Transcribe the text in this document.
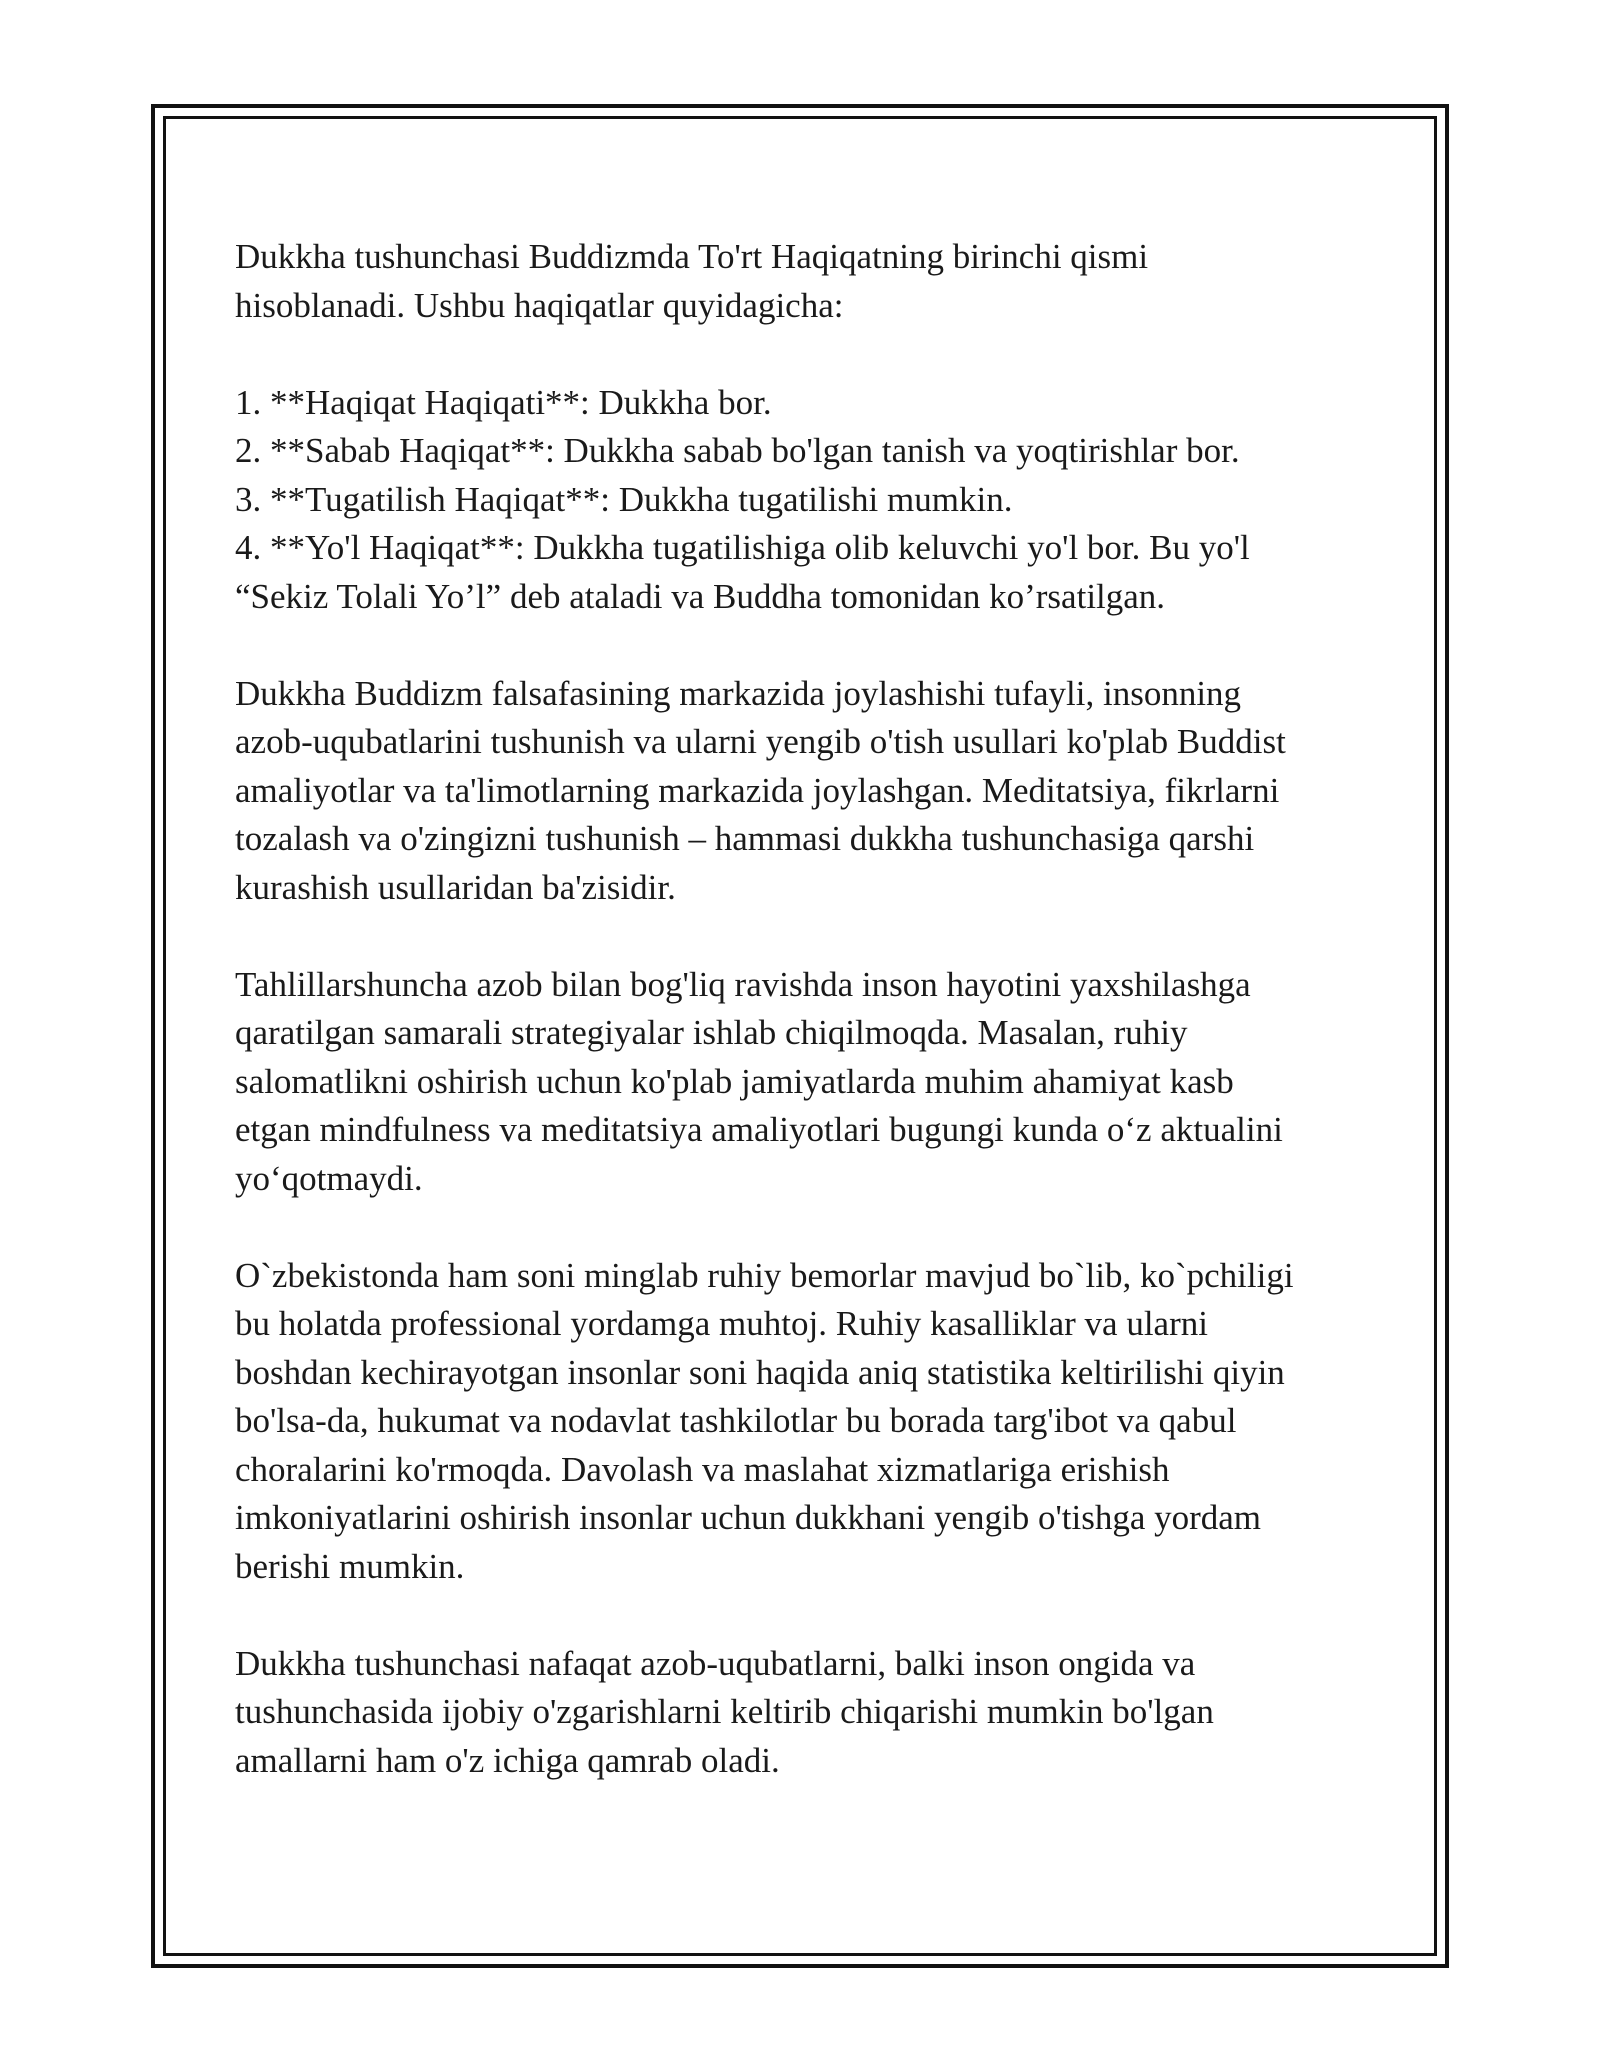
Dukkha tushunchasi Buddizmda To'rt Haqiqatning birinchi qismi
hisoblanadi. Ushbu haqiqatlar quyidagicha:

1. **Haqiqat Haqiqati**: Dukkha bor.
2. **Sabab Haqiqat**: Dukkha sabab bo'lgan tanish va yoqtirishlar bor.
3. **Tugatilish Haqiqat**: Dukkha tugatilishi mumkin.
4. **Yo'l Haqiqat**: Dukkha tugatilishiga olib keluvchi yo'l bor. Bu yo'l
“Sekiz Tolali Yo’l” deb ataladi va Buddha tomonidan ko’rsatilgan.

Dukkha Buddizm falsafasining markazida joylashishi tufayli, insonning
azob-uqubatlarini tushunish va ularni yengib o'tish usullari ko'plab Buddist
amaliyotlar va ta'limotlarning markazida joylashgan. Meditatsiya, fikrlarni
tozalash va o'zingizni tushunish – hammasi dukkha tushunchasiga qarshi
kurashish usullaridan ba'zisidir.

Tahlillarshuncha azob bilan bog'liq ravishda inson hayotini yaxshilashga
qaratilgan samarali strategiyalar ishlab chiqilmoqda. Masalan, ruhiy
salomatlikni oshirish uchun ko'plab jamiyatlarda muhim ahamiyat kasb
etgan mindfulness va meditatsiya amaliyotlari bugungi kunda o‘z aktualini
yo‘qotmaydi.

O`zbekistonda ham soni minglab ruhiy bemorlar mavjud bo`lib, ko`pchiligi
bu holatda professional yordamga muhtoj. Ruhiy kasalliklar va ularni
boshdan kechirayotgan insonlar soni haqida aniq statistika keltirilishi qiyin
bo'lsa-da, hukumat va nodavlat tashkilotlar bu borada targ'ibot va qabul
choralarini ko'rmoqda. Davolash va maslahat xizmatlariga erishish
imkoniyatlarini oshirish insonlar uchun dukkhani yengib o'tishga yordam
berishi mumkin.

Dukkha tushunchasi nafaqat azob-uqubatlarni, balki inson ongida va
tushunchasida ijobiy o'zgarishlarni keltirib chiqarishi mumkin bo'lgan
amallarni ham o'z ichiga qamrab oladi.
